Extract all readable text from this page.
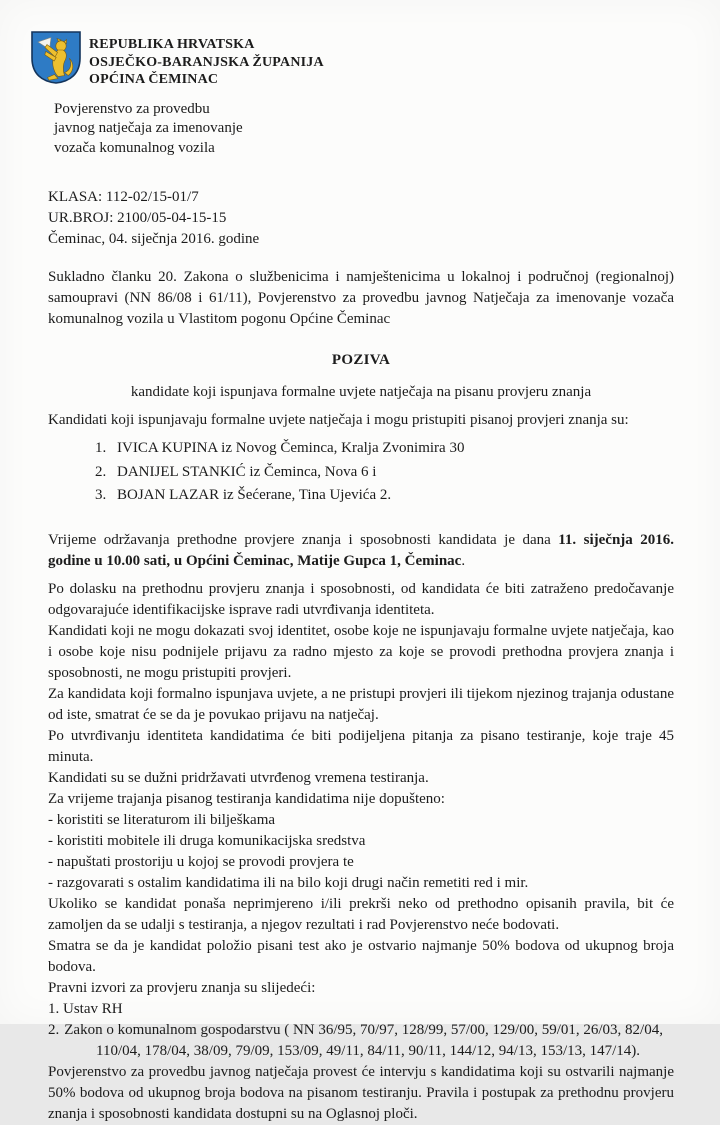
REPUBLIKA HRVATSKA
OSJEČKO-BARANJSKA ŽUPANIJA
OPĆINA ČEMINAC
Povjerenstvo za provedbu
javnog natječaja za imenovanje
vozača komunalnog vozila
KLASA: 112-02/15-01/7
UR.BROJ: 2100/05-04-15-15
Čeminac, 04. siječnja 2016. godine
Sukladno članku 20. Zakona o službenicima i namještenicima u lokalnoj i područnoj (regionalnoj) samoupravi (NN 86/08 i 61/11), Povjerenstvo za provedbu javnog Natječaja za imenovanje vozača komunalnog vozila u Vlastitom pogonu Općine Čeminac
POZIVA
kandidate koji ispunjava formalne uvjete natječaja na pisanu provjeru znanja
Kandidati koji ispunjavaju formalne uvjete natječaja i mogu pristupiti pisanoj provjeri znanja su:
1. IVICA KUPINA iz Novog Čeminca, Kralja Zvonimira 30
2. DANIJEL STANKIĆ iz Čeminca, Nova 6 i
3. BOJAN LAZAR iz Šećerane, Tina Ujevića 2.
Vrijeme održavanja prethodne provjere znanja i sposobnosti kandidata je dana 11. siječnja 2016. godine u 10.00 sati, u Općini Čeminac, Matije Gupca 1, Čeminac.

Po dolasku na prethodnu provjeru znanja i sposobnosti, od kandidata će biti zatraženo predočavanje odgovarajuće identifikacijske isprave radi utvrđivanja identiteta.

Kandidati koji ne mogu dokazati svoj identitet, osobe koje ne ispunjavaju formalne uvjete natječaja, kao i osobe koje nisu podnijele prijavu za radno mjesto za koje se provodi prethodna provjera znanja i sposobnosti, ne mogu pristupiti provjeri.

Za kandidata koji formalno ispunjava uvjete, a ne pristupi provjeri ili tijekom njezinog trajanja odustane od iste, smatrat će se da je povukao prijavu na natječaj.

Po utvrđivanju identiteta kandidatima će biti podijeljena pitanja za pisano testiranje, koje traje 45 minuta.

Kandidati su se dužni pridržavati utvrđenog vremena testiranja.

Za vrijeme trajanja pisanog testiranja kandidatima nije dopušteno:

- koristiti se literaturom ili bilješkama

- koristiti mobitele ili druga komunikacijska sredstva

- napuštati prostoriju u kojoj se provodi provjera te

- razgovarati s ostalim kandidatima ili na bilo koji drugi način remetiti red i mir.

Ukoliko se kandidat ponaša neprimjereno i/ili prekrši neko od prethodno opisanih pravila, bit će zamoljen da se udalji s testiranja, a njegov rezultati i rad Povjerenstvo neće bodovati.

Smatra se da je kandidat položio pisani test ako je ostvario najmanje 50% bodova od ukupnog broja bodova.

Pravni izvori za provjeru znanja su slijedeći:

1. Ustav RH

2. Zakon o komunalnom gospodarstvu ( NN 36/95, 70/97, 128/99, 57/00, 129/00, 59/01, 26/03, 82/04, 110/04, 178/04, 38/09, 79/09, 153/09, 49/11, 84/11, 90/11, 144/12, 94/13, 153/13, 147/14).

Povjerenstvo za provedbu javnog natječaja provest će intervju s kandidatima koji su ostvarili najmanje 50% bodova od ukupnog broja bodova na pisanom testiranju. Pravila i postupak za prethodnu provjeru znanja i sposobnosti kandidata dostupni su na Oglasnoj ploči.
